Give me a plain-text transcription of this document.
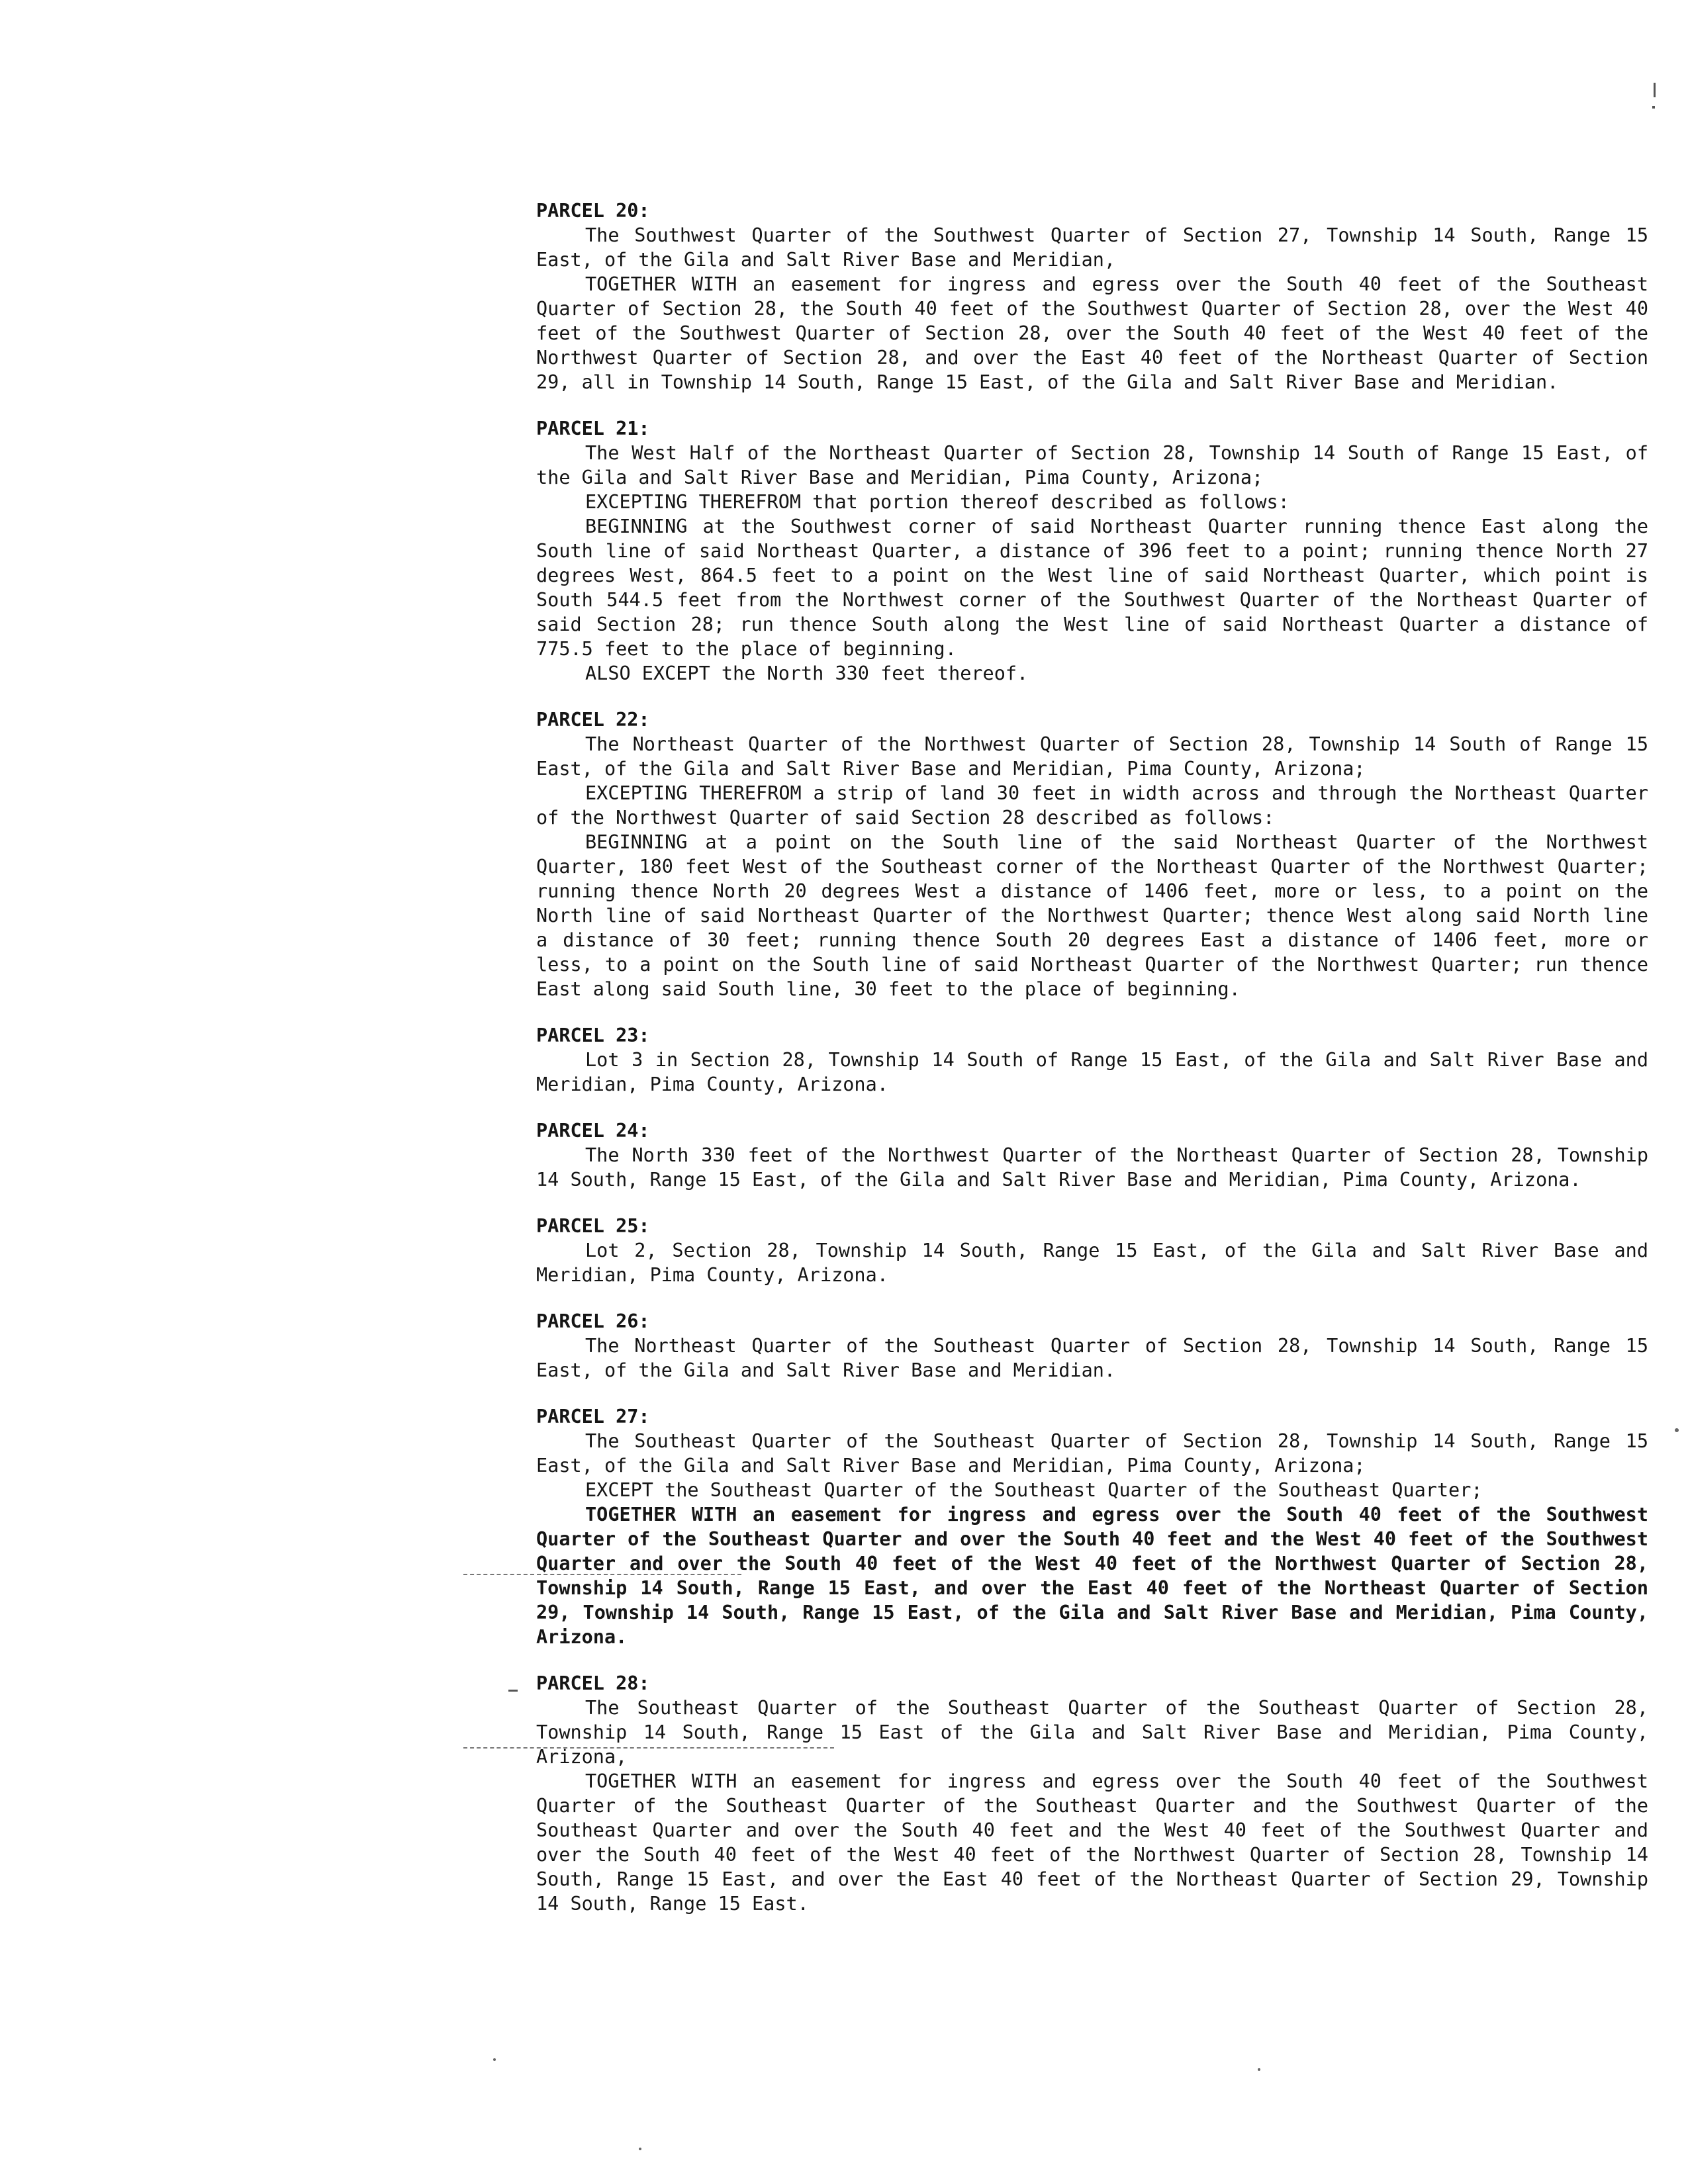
PARCEL 20:

The Southwest Quarter of the Southwest Quarter of Section 27, Township 14 South, Range 15 East, of the Gila and Salt River Base and Meridian,

TOGETHER WITH an easement for ingress and egress over the South 40 feet of the Southeast Quarter of Section 28, the South 40 feet of the Southwest Quarter of Section 28, over the West 40 feet of the Southwest Quarter of Section 28, over the South 40 feet of the West 40 feet of the Northwest Quarter of Section 28, and over the East 40 feet of the Northeast Quarter of Section 29, all in Township 14 South, Range 15 East, of the Gila and Salt River Base and Meridian.

PARCEL 21:

The West Half of the Northeast Quarter of Section 28, Township 14 South of Range 15 East, of the Gila and Salt River Base and Meridian, Pima County, Arizona;

EXCEPTING THEREFROM that portion thereof described as follows:

BEGINNING at the Southwest corner of said Northeast Quarter running thence East along the South line of said Northeast Quarter, a distance of 396 feet to a point; running thence North 27 degrees West, 864.5 feet to a point on the West line of said Northeast Quarter, which point is South 544.5 feet from the Northwest corner of the Southwest Quarter of the Northeast Quarter of said Section 28; run thence South along the West line of said Northeast Quarter a distance of 775.5 feet to the place of beginning.

ALSO EXCEPT the North 330 feet thereof.

PARCEL 22:

The Northeast Quarter of the Northwest Quarter of Section 28, Township 14 South of Range 15 East, of the Gila and Salt River Base and Meridian, Pima County, Arizona;

EXCEPTING THEREFROM a strip of land 30 feet in width across and through the Northeast Quarter of the Northwest Quarter of said Section 28 described as follows:

BEGINNING at a point on the South line of the said Northeast Quarter of the Northwest Quarter, 180 feet West of the Southeast corner of the Northeast Quarter of the Northwest Quarter; running thence North 20 degrees West a distance of 1406 feet, more or less, to a point on the North line of said Northeast Quarter of the Northwest Quarter; thence West along said North line a distance of 30 feet; running thence South 20 degrees East a distance of 1406 feet, more or less, to a point on the South line of said Northeast Quarter of the Northwest Quarter; run thence East along said South line, 30 feet to the place of beginning.

PARCEL 23:

Lot 3 in Section 28, Township 14 South of Range 15 East, of the Gila and Salt River Base and Meridian, Pima County, Arizona.

PARCEL 24:

The North 330 feet of the Northwest Quarter of the Northeast Quarter of Section 28, Township 14 South, Range 15 East, of the Gila and Salt River Base and Meridian, Pima County, Arizona.

PARCEL 25:

Lot 2, Section 28, Township 14 South, Range 15 East, of the Gila and Salt River Base and Meridian, Pima County, Arizona.

PARCEL 26:

The Northeast Quarter of the Southeast Quarter of Section 28, Township 14 South, Range 15 East, of the Gila and Salt River Base and Meridian.

PARCEL 27:

The Southeast Quarter of the Southeast Quarter of Section 28, Township 14 South, Range 15 East, of the Gila and Salt River Base and Meridian, Pima County, Arizona;

EXCEPT the Southeast Quarter of the Southeast Quarter of the Southeast Quarter;

TOGETHER WITH an easement for ingress and egress over the South 40 feet of the Southwest Quarter of the Southeast Quarter and over the South 40 feet and the West 40 feet of the Southwest Quarter and over the South 40 feet of the West 40 feet of the Northwest Quarter of Section 28, Township 14 South, Range 15 East, and over the East 40 feet of the Northeast Quarter of Section 29, Township 14 South, Range 15 East, of the Gila and Salt River Base and Meridian, Pima County, Arizona.

PARCEL 28:

The Southeast Quarter of the Southeast Quarter of the Southeast Quarter of Section 28, Township 14 South, Range 15 East of the Gila and Salt River Base and Meridian, Pima County, Arizona,

TOGETHER WITH an easement for ingress and egress over the South 40 feet of the Southwest Quarter of the Southeast Quarter of the Southeast Quarter and the Southwest Quarter of the Southeast Quarter and over the South 40 feet and the West 40 feet of the Southwest Quarter and over the South 40 feet of the West 40 feet of the Northwest Quarter of Section 28, Township 14 South, Range 15 East, and over the East 40 feet of the Northeast Quarter of Section 29, Township 14 South, Range 15 East.
